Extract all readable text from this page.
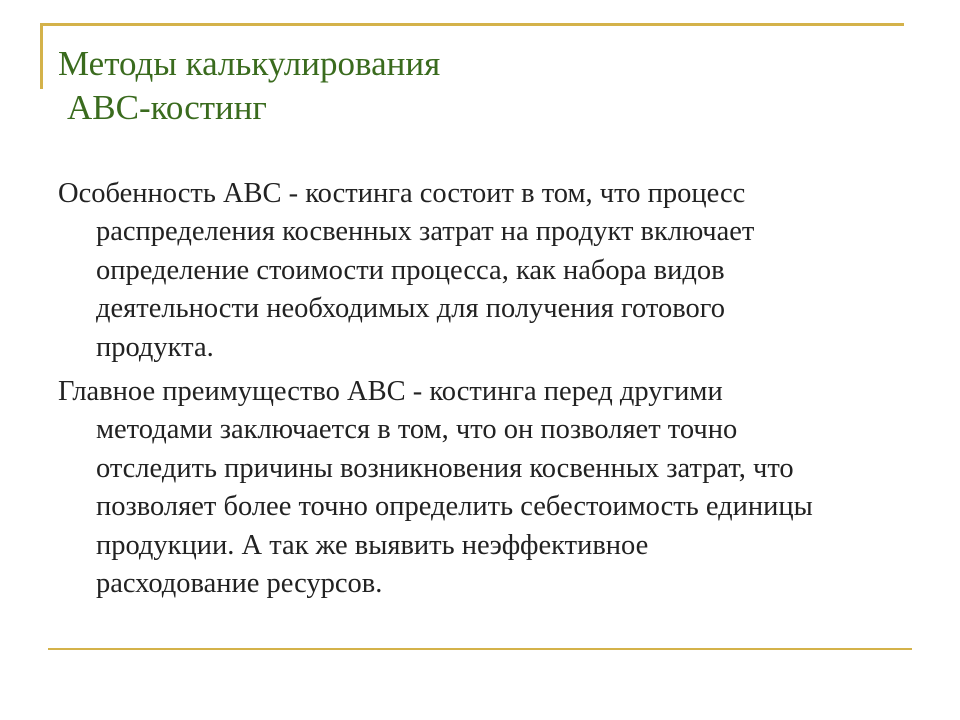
Методы калькулирования
АВС-костинг

Особенность АВС - костинга состоит в том, что процесс
распределения косвенных затрат на продукт включает
определение стоимости процесса, как набора видов
деятельности необходимых для получения готового
продукта.

Главное преимущество АВС - костинга перед другими
методами заключается в том, что он позволяет точно
отследить причины возникновения косвенных затрат, что
позволяет более точно определить себестоимость единицы
продукции. А так же выявить неэффективное
расходование ресурсов.
